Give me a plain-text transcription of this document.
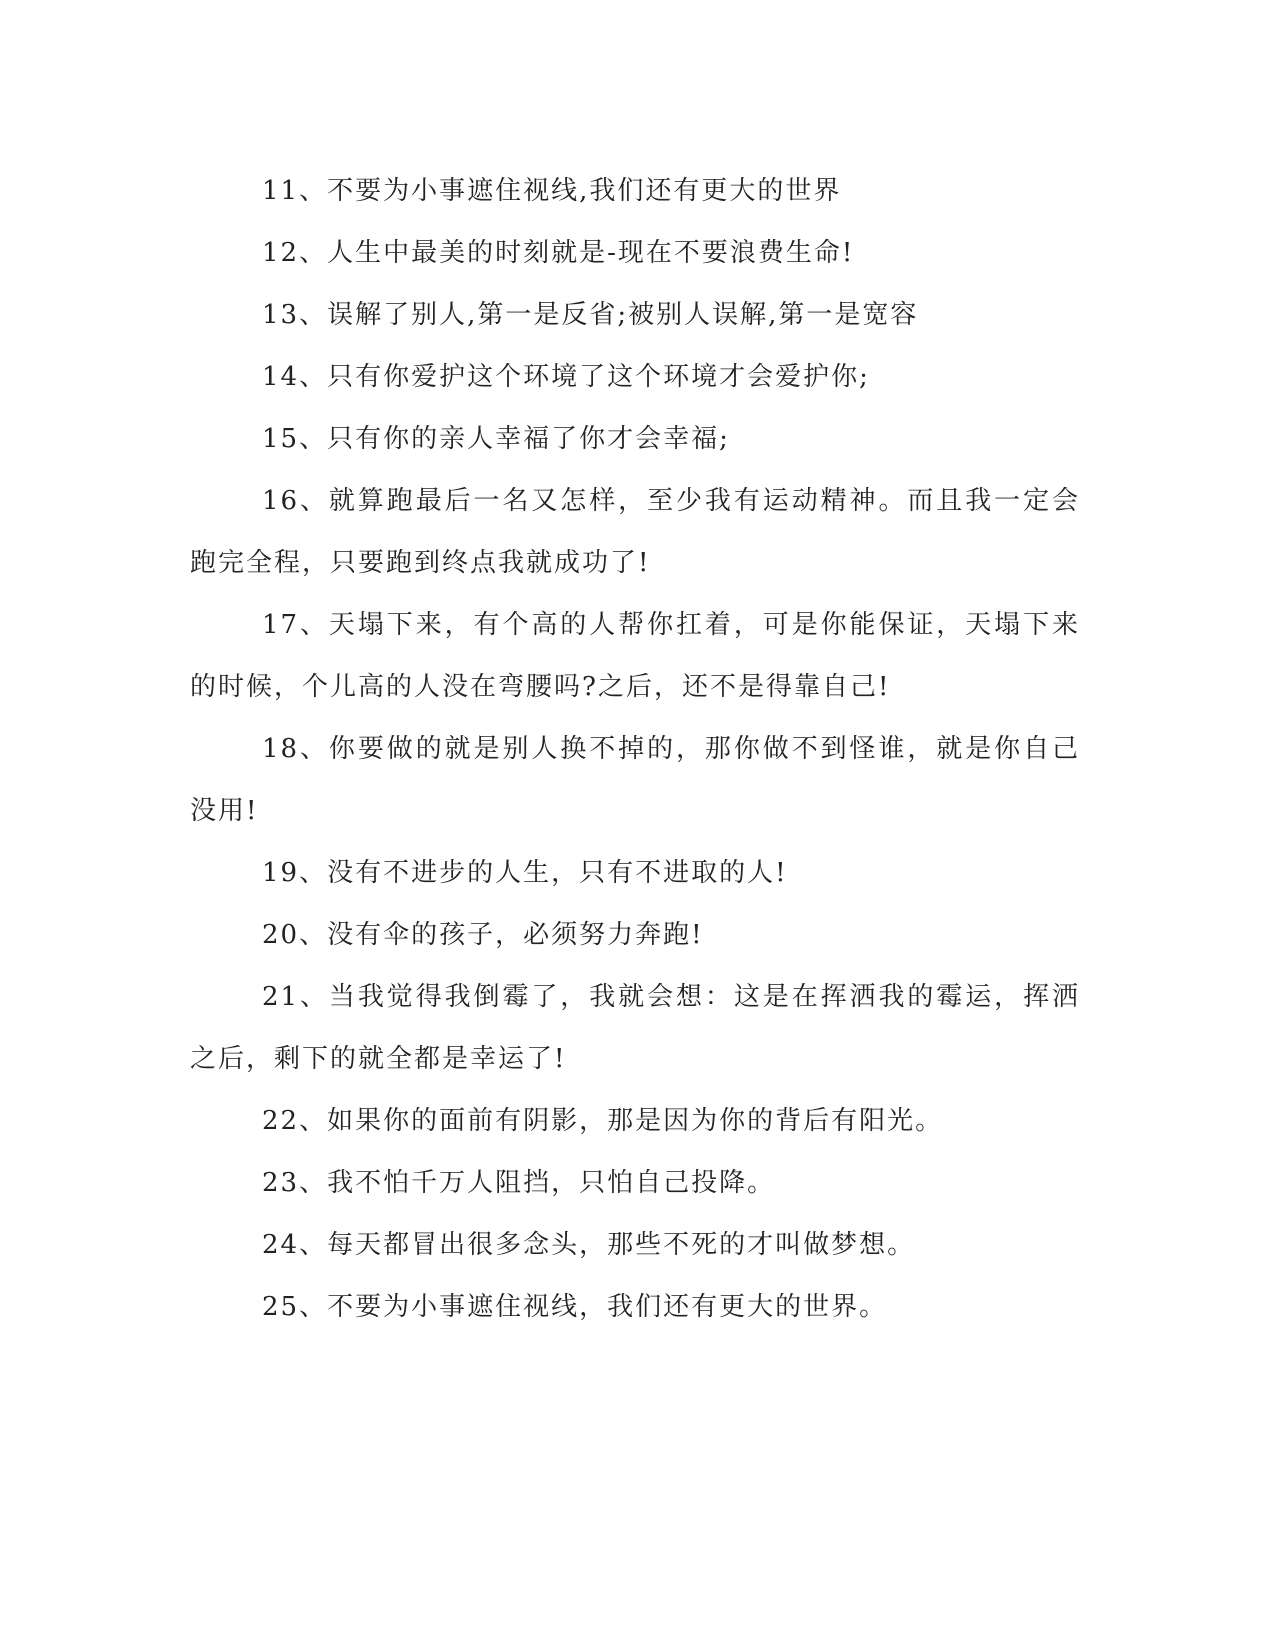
11、不要为小事遮住视线,我们还有更大的世界

12、人生中最美的时刻就是-现在不要浪费生命!

13、误解了别人,第一是反省;被别人误解,第一是宽容

14、只有你爱护这个环境了这个环境才会爱护你;

15、只有你的亲人幸福了你才会幸福;

16、就算跑最后一名又怎样，至少我有运动精神。而且我一定会跑完全程，只要跑到终点我就成功了!

17、天塌下来，有个高的人帮你扛着，可是你能保证，天塌下来的时候，个儿高的人没在弯腰吗?之后，还不是得靠自己!

18、你要做的就是别人换不掉的，那你做不到怪谁，就是你自己没用!

19、没有不进步的人生，只有不进取的人!

20、没有伞的孩子，必须努力奔跑!

21、当我觉得我倒霉了，我就会想：这是在挥洒我的霉运，挥洒之后，剩下的就全都是幸运了!

22、如果你的面前有阴影，那是因为你的背后有阳光。

23、我不怕千万人阻挡，只怕自己投降。

24、每天都冒出很多念头，那些不死的才叫做梦想。

25、不要为小事遮住视线，我们还有更大的世界。
